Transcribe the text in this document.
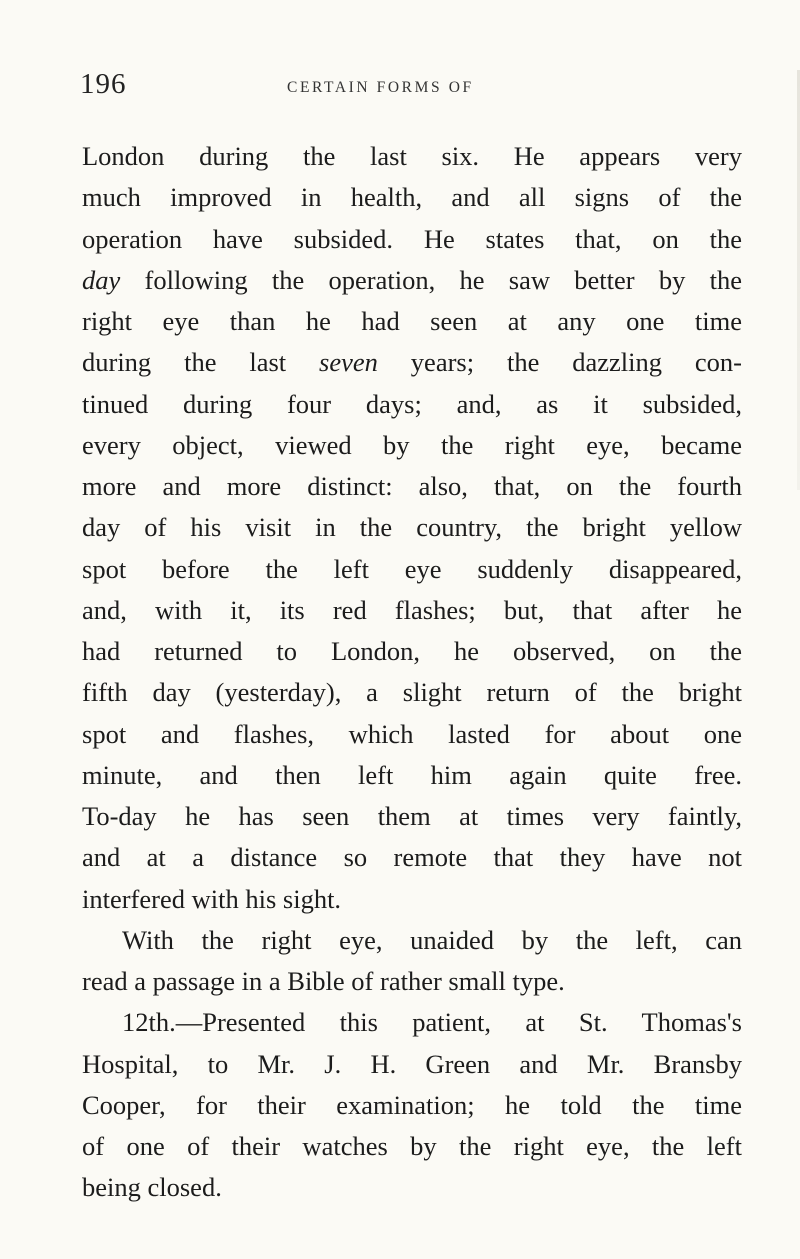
196	CERTAIN FORMS OF
London during the last six. He appears very
much improved in health, and all signs of the
operation have subsided. He states that, on the
day following the operation, he saw better by the
right eye than he had seen at any one time
during the last seven years; the dazzling con-
tinued during four days; and, as it subsided,
every object, viewed by the right eye, became
more and more distinct: also, that, on the fourth
day of his visit in the country, the bright yellow
spot before the left eye suddenly disappeared,
and, with it, its red flashes; but, that after he
had returned to London, he observed, on the
fifth day (yesterday), a slight return of the bright
spot and flashes, which lasted for about one
minute, and then left him again quite free.
To-day he has seen them at times very faintly,
and at a distance so remote that they have not
interfered with his sight.
With the right eye, unaided by the left, can
read a passage in a Bible of rather small type.
12th.—Presented this patient, at St. Thomas's
Hospital, to Mr. J. H. Green and Mr. Bransby
Cooper, for their examination; he told the time
of one of their watches by the right eye, the left
being closed.
